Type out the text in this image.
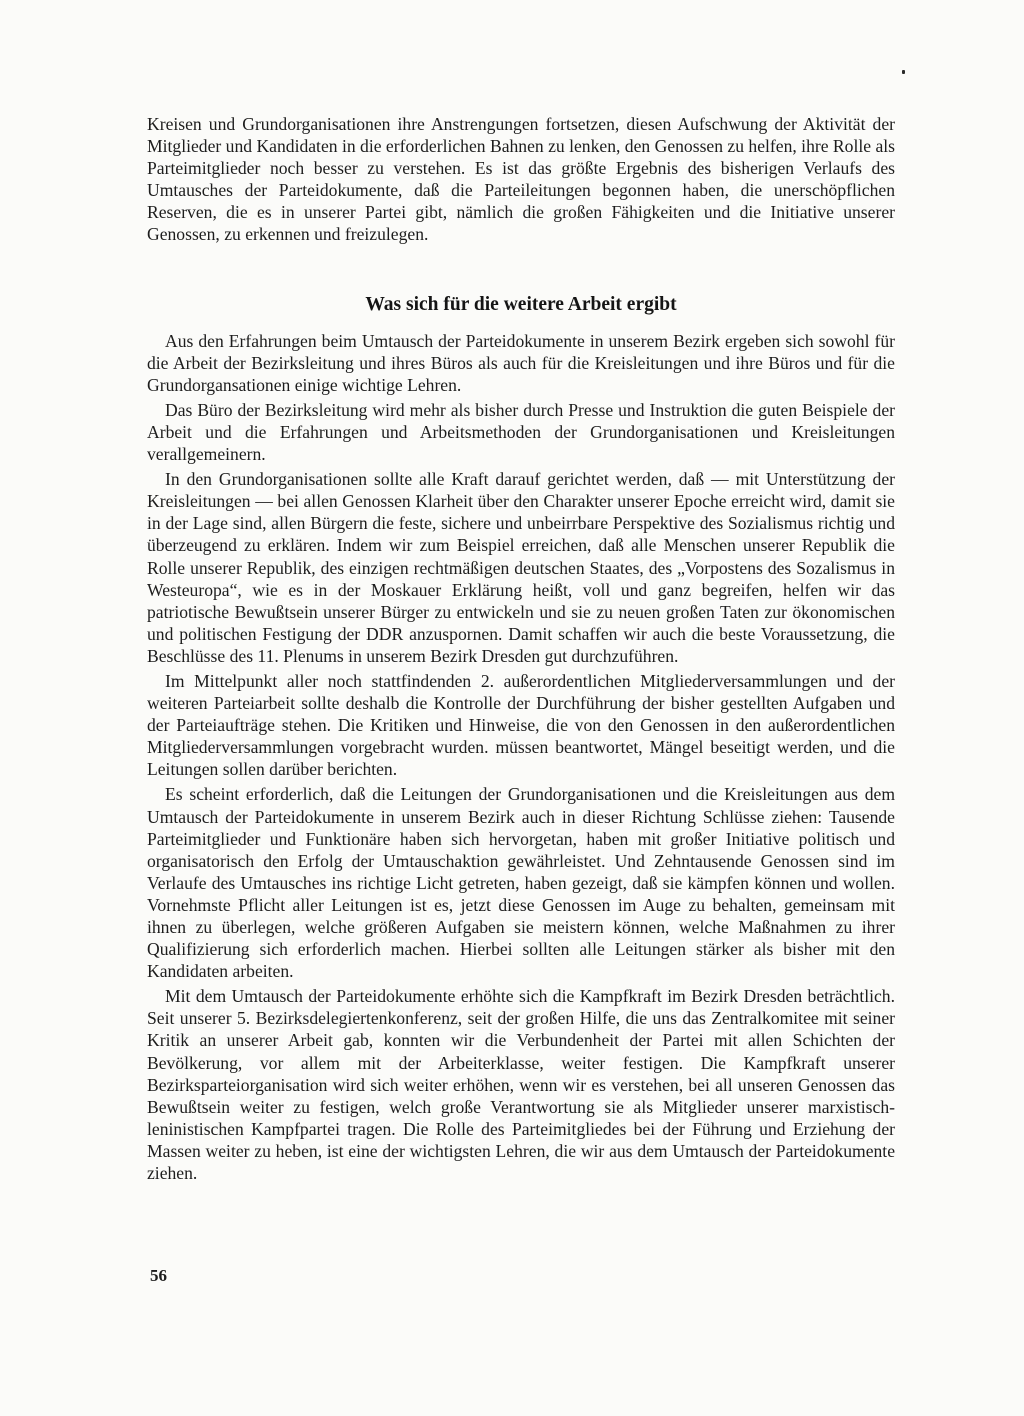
Kreisen und Grundorganisationen ihre Anstrengungen fortsetzen, diesen Aufschwung der Aktivität der Mitglieder und Kandidaten in die erforderlichen Bahnen zu lenken, den Genossen zu helfen, ihre Rolle als Parteimitglieder noch besser zu verstehen. Es ist das größte Ergebnis des bisherigen Verlaufs des Umtausches der Parteidokumente, daß die Parteileitungen begonnen haben, die unerschöpflichen Reserven, die es in unserer Partei gibt, nämlich die großen Fähigkeiten und die Initiative unserer Genossen, zu erkennen und freizulegen.

Was sich für die weitere Arbeit ergibt

Aus den Erfahrungen beim Umtausch der Parteidokumente in unserem Bezirk ergeben sich sowohl für die Arbeit der Bezirksleitung und ihres Büros als auch für die Kreisleitungen und ihre Büros und für die Grundorgansationen einige wichtige Lehren.

Das Büro der Bezirksleitung wird mehr als bisher durch Presse und Instruktion die guten Beispiele der Arbeit und die Erfahrungen und Arbeitsmethoden der Grundorganisationen und Kreisleitungen verallgemeinern.

In den Grundorganisationen sollte alle Kraft darauf gerichtet werden, daß — mit Unterstützung der Kreisleitungen — bei allen Genossen Klarheit über den Charakter unserer Epoche erreicht wird, damit sie in der Lage sind, allen Bürgern die feste, sichere und unbeirrbare Perspektive des Sozialismus richtig und überzeugend zu erklären. Indem wir zum Beispiel erreichen, daß alle Menschen unserer Republik die Rolle unserer Republik, des einzigen rechtmäßigen deutschen Staates, des „Vorpostens des Sozalismus in Westeuropa“, wie es in der Moskauer Erklärung heißt, voll und ganz begreifen, helfen wir das patriotische Bewußtsein unserer Bürger zu entwickeln und sie zu neuen großen Taten zur ökonomischen und politischen Festigung der DDR anzuspornen. Damit schaffen wir auch die beste Voraussetzung, die Beschlüsse des 11. Plenums in unserem Bezirk Dresden gut durchzuführen.

Im Mittelpunkt aller noch stattfindenden 2. außerordentlichen Mitgliederversammlungen und der weiteren Parteiarbeit sollte deshalb die Kontrolle der Durchführung der bisher gestellten Aufgaben und der Parteiaufträge stehen. Die Kritiken und Hinweise, die von den Genossen in den außerordentlichen Mitgliederversammlungen vorgebracht wurden. müssen beantwortet, Mängel beseitigt werden, und die Leitungen sollen darüber berichten.

Es scheint erforderlich, daß die Leitungen der Grundorganisationen und die Kreisleitungen aus dem Umtausch der Parteidokumente in unserem Bezirk auch in dieser Richtung Schlüsse ziehen: Tausende Parteimitglieder und Funktionäre haben sich hervorgetan, haben mit großer Initiative politisch und organisatorisch den Erfolg der Umtauschaktion gewährleistet. Und Zehntausende Genossen sind im Verlaufe des Umtausches ins richtige Licht getreten, haben gezeigt, daß sie kämpfen können und wollen. Vornehmste Pflicht aller Leitungen ist es, jetzt diese Genossen im Auge zu behalten, gemeinsam mit ihnen zu überlegen, welche größeren Aufgaben sie meistern können, welche Maßnahmen zu ihrer Qualifizierung sich erforderlich machen. Hierbei sollten alle Leitungen stärker als bisher mit den Kandidaten arbeiten.

Mit dem Umtausch der Parteidokumente erhöhte sich die Kampfkraft im Bezirk Dresden beträchtlich. Seit unserer 5. Bezirksdelegiertenkonferenz, seit der großen Hilfe, die uns das Zentralkomitee mit seiner Kritik an unserer Arbeit gab, konnten wir die Verbundenheit der Partei mit allen Schichten der Bevölkerung, vor allem mit der Arbeiterklasse, weiter festigen. Die Kampfkraft unserer Bezirksparteiorganisation wird sich weiter erhöhen, wenn wir es verstehen, bei all unseren Genossen das Bewußtsein weiter zu festigen, welch große Verantwortung sie als Mitglieder unserer marxistisch-leninistischen Kampfpartei tragen. Die Rolle des Parteimitgliedes bei der Führung und Erziehung der Massen weiter zu heben, ist eine der wichtigsten Lehren, die wir aus dem Umtausch der Parteidokumente ziehen.

56
